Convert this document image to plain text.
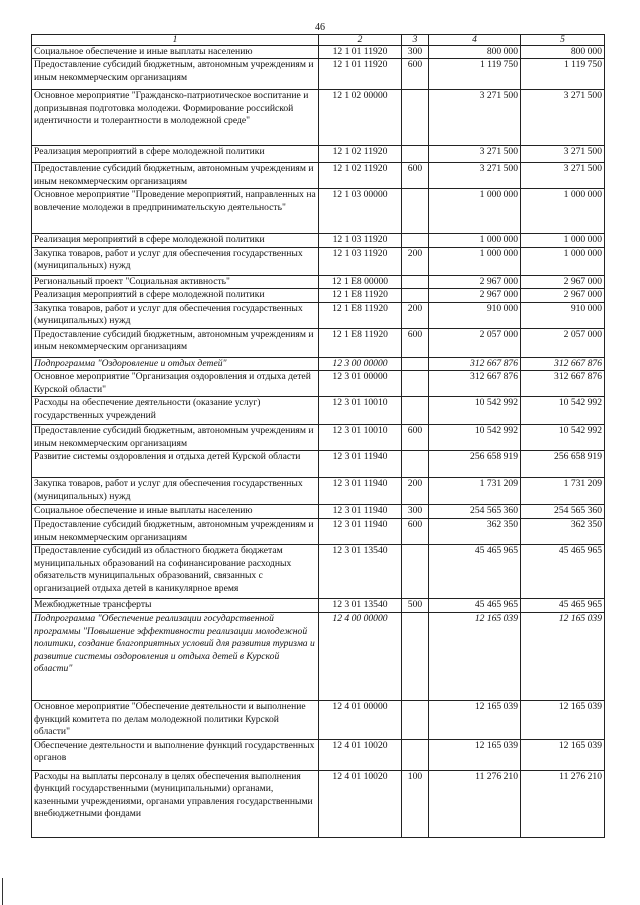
46
1	2	3	4	5
Социальное обеспечение и иные выплаты населению	12 1 01 11920	300	800 000	800 000
Предоставление субсидий бюджетным, автономным учреждениям и иным некоммерческим организациям	12 1 01 11920	600	1 119 750	1 119 750
Основное мероприятие "Гражданско-патриотическое воспитание и допризывная подготовка молодежи. Формирование российской идентичности и толерантности в молодежной среде"	12 1 02 00000		3 271 500	3 271 500
Реализация мероприятий в сфере молодежной политики	12 1 02 11920		3 271 500	3 271 500
Предоставление субсидий бюджетным, автономным учреждениям и иным некоммерческим организациям	12 1 02 11920	600	3 271 500	3 271 500
Основное мероприятие "Проведение мероприятий, направленных на вовлечение молодежи в предпринимательскую деятельность"	12 1 03 00000		1 000 000	1 000 000
Реализация мероприятий в сфере молодежной политики	12 1 03 11920		1 000 000	1 000 000
Закупка товаров, работ и услуг для обеспечения государственных (муниципальных) нужд	12 1 03 11920	200	1 000 000	1 000 000
Региональный проект "Социальная активность"	12 1 E8 00000		2 967 000	2 967 000
Реализация мероприятий в сфере молодежной политики	12 1 E8 11920		2 967 000	2 967 000
Закупка товаров, работ и услуг для обеспечения государственных (муниципальных) нужд	12 1 E8 11920	200	910 000	910 000
Предоставление субсидий бюджетным, автономным учреждениям и иным некоммерческим организациям	12 1 E8 11920	600	2 057 000	2 057 000
Подпрограмма "Оздоровление и отдых детей"	12 3 00 00000		312 667 876	312 667 876
Основное мероприятие "Организация оздоровления и отдыха детей Курской области"	12 3 01 00000		312 667 876	312 667 876
Расходы на обеспечение деятельности (оказание услуг) государственных учреждений	12 3 01 10010		10 542 992	10 542 992
Предоставление субсидий бюджетным, автономным учреждениям и иным некоммерческим организациям	12 3 01 10010	600	10 542 992	10 542 992
Развитие системы оздоровления и отдыха детей Курской области	12 3 01 11940		256 658 919	256 658 919
Закупка товаров, работ и услуг для обеспечения государственных (муниципальных) нужд	12 3 01 11940	200	1 731 209	1 731 209
Социальное обеспечение и иные выплаты населению	12 3 01 11940	300	254 565 360	254 565 360
Предоставление субсидий бюджетным, автономным учреждениям и иным некоммерческим организациям	12 3 01 11940	600	362 350	362 350
Предоставление субсидий из областного бюджета бюджетам муниципальных образований на софинансирование расходных обязательств муниципальных образований, связанных с организацией отдыха детей в каникулярное время	12 3 01 13540		45 465 965	45 465 965
Межбюджетные трансферты	12 3 01 13540	500	45 465 965	45 465 965
Подпрограмма "Обеспечение реализации государственной программы "Повышение эффективности реализации молодежной политики, создание благоприятных условий для развития туризма и развитие системы оздоровления и отдыха детей в Курской области"	12 4 00 00000		12 165 039	12 165 039
Основное мероприятие "Обеспечение деятельности и выполнение функций комитета по делам молодежной политики Курской области"	12 4 01 00000		12 165 039	12 165 039
Обеспечение деятельности и выполнение функций государственных органов	12 4 01 10020		12 165 039	12 165 039
Расходы на выплаты персоналу в целях обеспечения выполнения функций государственными (муниципальными) органами, казенными учреждениями, органами управления государственными внебюджетными фондами	12 4 01 10020	100	11 276 210	11 276 210
